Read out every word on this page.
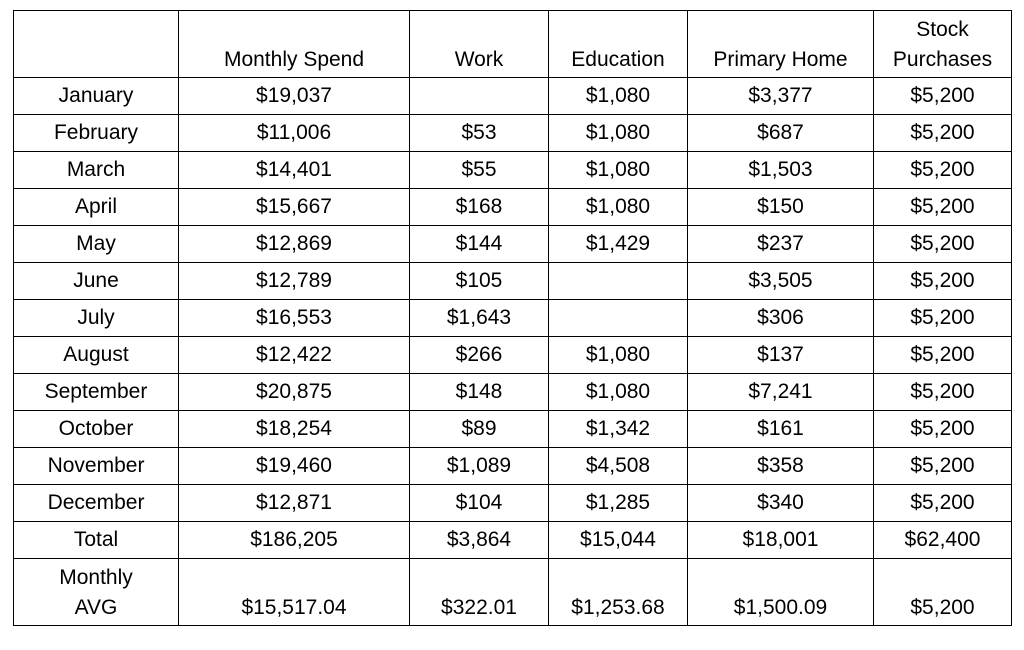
	Monthly Spend	Work	Education	Primary Home	Stock
Purchases
January	$19,037		$1,080	$3,377	$5,200
February	$11,006	$53	$1,080	$687	$5,200
March	$14,401	$55	$1,080	$1,503	$5,200
April	$15,667	$168	$1,080	$150	$5,200
May	$12,869	$144	$1,429	$237	$5,200
June	$12,789	$105		$3,505	$5,200
July	$16,553	$1,643		$306	$5,200
August	$12,422	$266	$1,080	$137	$5,200
September	$20,875	$148	$1,080	$7,241	$5,200
October	$18,254	$89	$1,342	$161	$5,200
November	$19,460	$1,089	$4,508	$358	$5,200
December	$12,871	$104	$1,285	$340	$5,200
Total	$186,205	$3,864	$15,044	$18,001	$62,400
Monthly
AVG	$15,517.04	$322.01	$1,253.68	$1,500.09	$5,200
